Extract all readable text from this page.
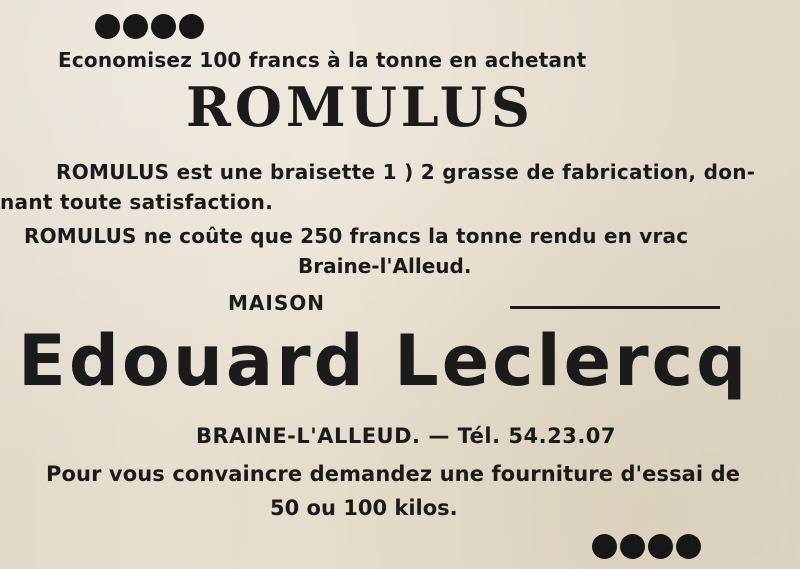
Economisez 100 francs à la tonne en achetant
ROMULUS
ROMULUS est une braisette 1 ) 2 grasse de fabrication, don-
nant toute satisfaction.
ROMULUS ne coûte que 250 francs la tonne rendu en vrac
Braine-l'Alleud.
MAISON
Edouard Leclercq
BRAINE-L'ALLEUD. — Tél. 54.23.07
Pour vous convaincre demandez une fourniture d'essai de
50 ou 100 kilos.
